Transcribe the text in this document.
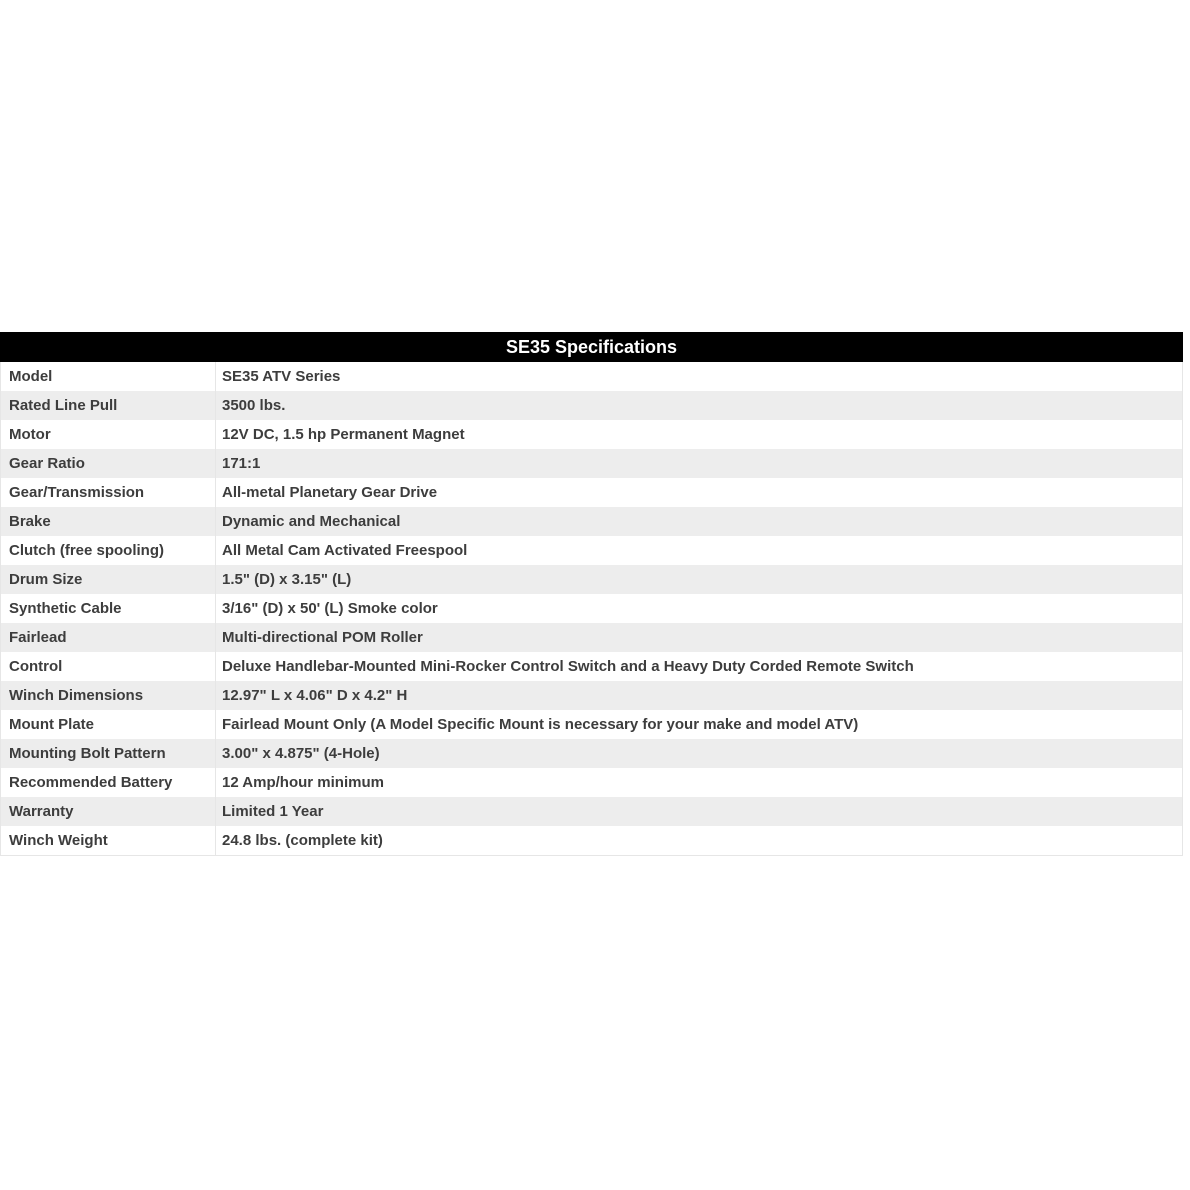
SE35 Specifications
Model	SE35 ATV Series
Rated Line Pull	3500 lbs.
Motor	12V DC, 1.5 hp Permanent Magnet
Gear Ratio	171:1
Gear/Transmission	All-metal Planetary Gear Drive
Brake	Dynamic and Mechanical
Clutch (free spooling)	All Metal Cam Activated Freespool
Drum Size	1.5" (D) x 3.15" (L)
Synthetic Cable	3/16" (D) x 50' (L) Smoke color
Fairlead	Multi-directional POM Roller
Control	Deluxe Handlebar-Mounted Mini-Rocker Control Switch and a Heavy Duty Corded Remote Switch
Winch Dimensions	12.97" L x 4.06" D x 4.2" H
Mount Plate	Fairlead Mount Only (A Model Specific Mount is necessary for your make and model ATV)
Mounting Bolt Pattern	3.00" x 4.875" (4-Hole)
Recommended Battery	12 Amp/hour minimum
Warranty	Limited 1 Year
Winch Weight	24.8 lbs. (complete kit)
